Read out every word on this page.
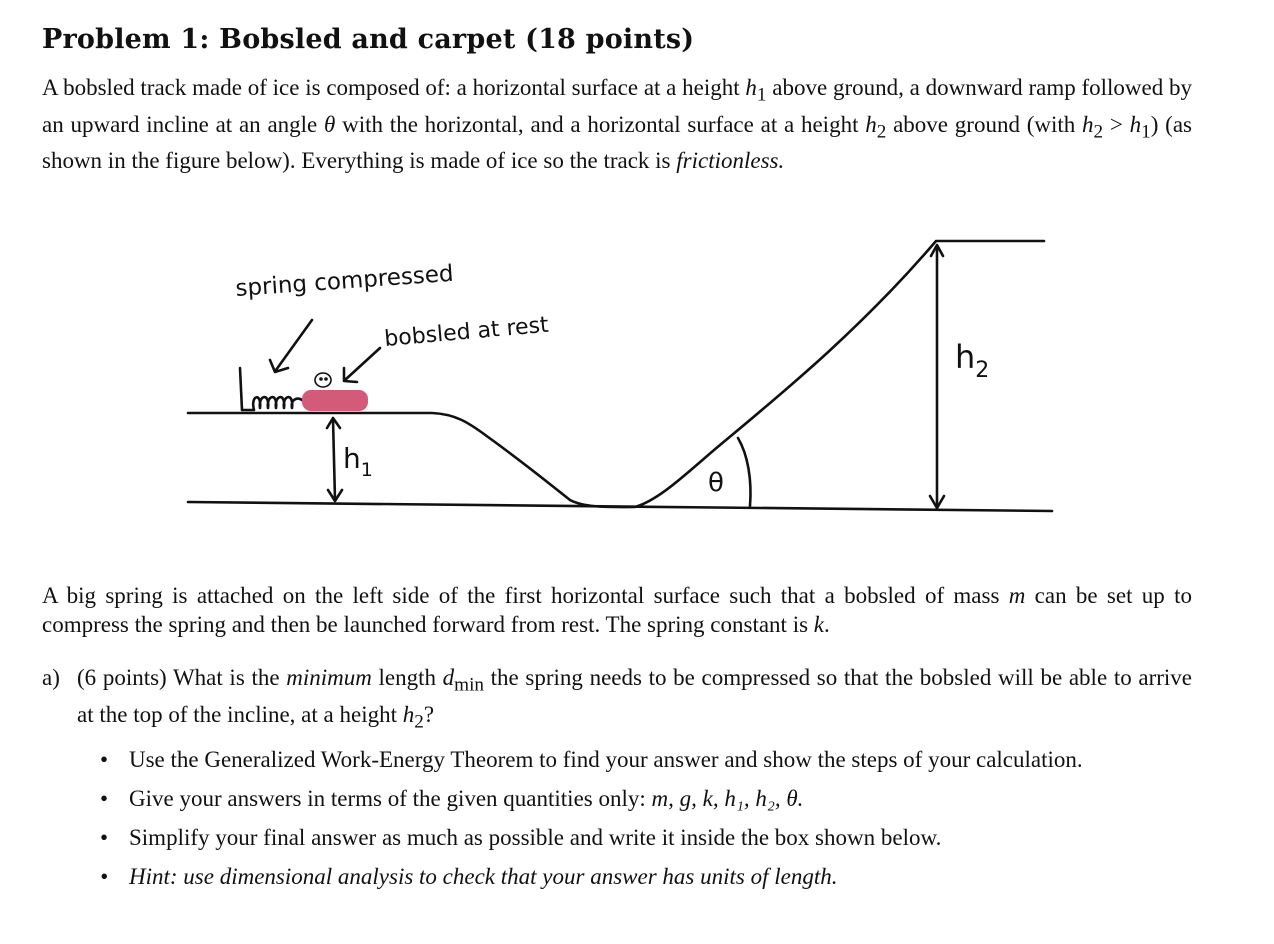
Problem 1: Bobsled and carpet (18 points)

A bobsled track made of ice is composed of: a horizontal surface at a height $h_1$ above ground, a downward ramp followed by an upward incline at an angle θ with the horizontal, and a horizontal surface at a height $h_2$ above ground (with $h_2 > h_1$) (as shown in the figure below). Everything is made of ice so the track is frictionless.

spring compressed
bobsled at rest
$h_1$
$h_2$
θ

A big spring is attached on the left side of the first horizontal surface such that a bobsled of mass m can be set up to compress the spring and then be launched forward from rest. The spring constant is k.

a) (6 points) What is the minimum length $d_{min}$ the spring needs to be compressed so that the bobsled will be able to arrive at the top of the incline, at a height $h_2$?
• Use the Generalized Work-Energy Theorem to find your answer and show the steps of your calculation.
• Give your answers in terms of the given quantities only: m, g, k, h₁, h₂, θ.
• Simplify your final answer as much as possible and write it inside the box shown below.
• Hint: use dimensional analysis to check that your answer has units of length.
